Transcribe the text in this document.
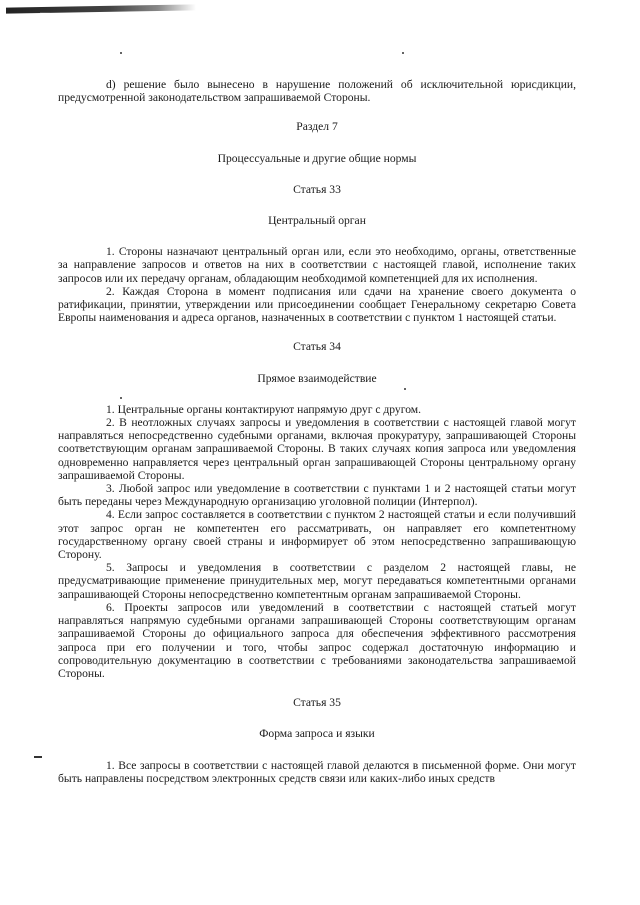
d) решение было вынесено в нарушение положений об исключительной юрисдикции, предусмотренной законодательством запрашиваемой Стороны.

Раздел 7

Процессуальные и другие общие нормы

Статья 33

Центральный орган

1. Стороны назначают центральный орган или, если это необходимо, органы, ответственные за направление запросов и ответов на них в соответствии с настоящей главой, исполнение таких запросов или их передачу органам, обладающим необходимой компетенцией для их исполнения.

2. Каждая Сторона в момент подписания или сдачи на хранение своего документа о ратификации, принятии, утверждении или присоединении сообщает Генеральному секретарю Совета Европы наименования и адреса органов, назначенных в соответствии с пунктом 1 настоящей статьи.

Статья 34

Прямое взаимодействие

1. Центральные органы контактируют напрямую друг с другом.

2. В неотложных случаях запросы и уведомления в соответствии с настоящей главой могут направляться непосредственно судебными органами, включая прокуратуру, запрашивающей Стороны соответствующим органам запрашиваемой Стороны. В таких случаях копия запроса или уведомления одновременно направляется через центральный орган запрашивающей Стороны центральному органу запрашиваемой Стороны.

3. Любой запрос или уведомление в соответствии с пунктами 1 и 2 настоящей статьи могут быть переданы через Международную организацию уголовной полиции (Интерпол).

4. Если запрос составляется в соответствии с пунктом 2 настоящей статьи и если получивший этот запрос орган не компетентен его рассматривать, он направляет его компетентному государственному органу своей страны и информирует об этом непосредственно запрашивающую Сторону.

5. Запросы и уведомления в соответствии с разделом 2 настоящей главы, не предусматривающие применение принудительных мер, могут передаваться компетентными органами запрашивающей Стороны непосредственно компетентным органам запрашиваемой Стороны.

6. Проекты запросов или уведомлений в соответствии с настоящей статьей могут направляться напрямую судебными органами запрашивающей Стороны соответствующим органам запрашиваемой Стороны до официального запроса для обеспечения эффективного рассмотрения запроса при его получении и того, чтобы запрос содержал достаточную информацию и сопроводительную документацию в соответствии с требованиями законодательства запрашиваемой Стороны.

Статья 35

Форма запроса и языки

1. Все запросы в соответствии с настоящей главой делаются в письменной форме. Они могут быть направлены посредством электронных средств связи или каких-либо иных средств
